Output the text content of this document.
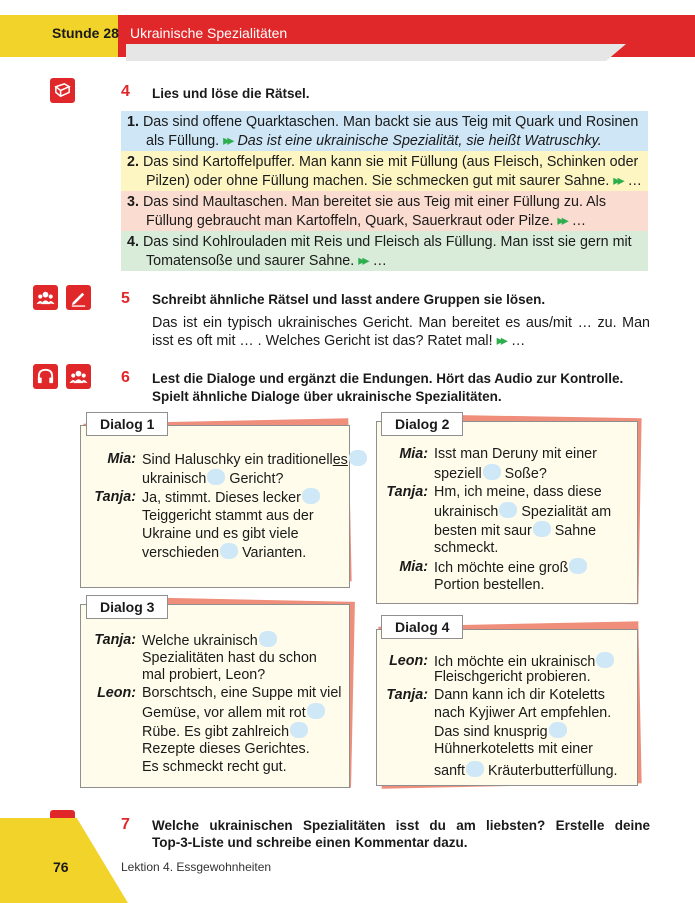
Stunde 28 Ukrainische Spezialitäten
4 Lies und löse die Rätsel.
1. Das sind offene Quarktaschen. Man backt sie aus Teig mit Quark und Rosinen
als Füllung. ▸▸ Das ist eine ukrainische Spezialität, sie heißt Watruschky.
2. Das sind Kartoffelpuffer. Man kann sie mit Füllung (aus Fleisch, Schinken oder
Pilzen) oder ohne Füllung machen. Sie schmecken gut mit saurer Sahne. ▸▸ …
3. Das sind Maultaschen. Man bereitet sie aus Teig mit einer Füllung zu. Als
Füllung gebraucht man Kartoffeln, Quark, Sauerkraut oder Pilze. ▸▸ …
4. Das sind Kohlrouladen mit Reis und Fleisch als Füllung. Man isst sie gern mit
Tomatensoße und saurer Sahne. ▸▸ …
5 Schreibt ähnliche Rätsel und lasst andere Gruppen sie lösen.
Das ist ein typisch ukrainisches Gericht. Man bereitet es aus/mit … zu. Man
isst es oft mit … . Welches Gericht ist das? Ratet mal! ▸▸ …
6 Lest die Dialoge und ergänzt die Endungen. Hört das Audio zur Kontrolle.
Spielt ähnliche Dialoge über ukrainische Spezialitäten.
Dialog 1
Mia:
Tanja:
Sind Haluschky ein traditionelles
ukrainisch Gericht?
Ja, stimmt. Dieses lecker
Teiggericht stammt aus der
Ukraine und es gibt viele
verschieden Varianten.
Dialog 2
Mia:
Tanja:
Mia:
Isst man Deruny mit einer
speziell Soße?
Hm, ich meine, dass diese
ukrainisch Spezialität am
besten mit saur Sahne
schmeckt.
Ich möchte eine groß
Portion bestellen.
Dialog 3
Tanja:
Leon:
Welche ukrainisch
Spezialitäten hast du schon
mal probiert, Leon?
Borschtsch, eine Suppe mit viel
Gemüse, vor allem mit rot
Rübe. Es gibt zahlreich
Rezepte dieses Gerichtes.
Es schmeckt recht gut.
Dialog 4
Leon:
Tanja:
Ich möchte ein ukrainisch
Fleischgericht probieren.
Dann kann ich dir Koteletts
nach Kyjiwer Art empfehlen.
Das sind knusprig
Hühnerkoteletts mit einer
sanft Kräuterbutterfüllung.
7 Welche ukrainischen Spezialitäten isst du am liebsten? Erstelle deine
Top-3-Liste und schreibe einen Kommentar dazu.
76	Lektion 4. Essgewohnheiten
